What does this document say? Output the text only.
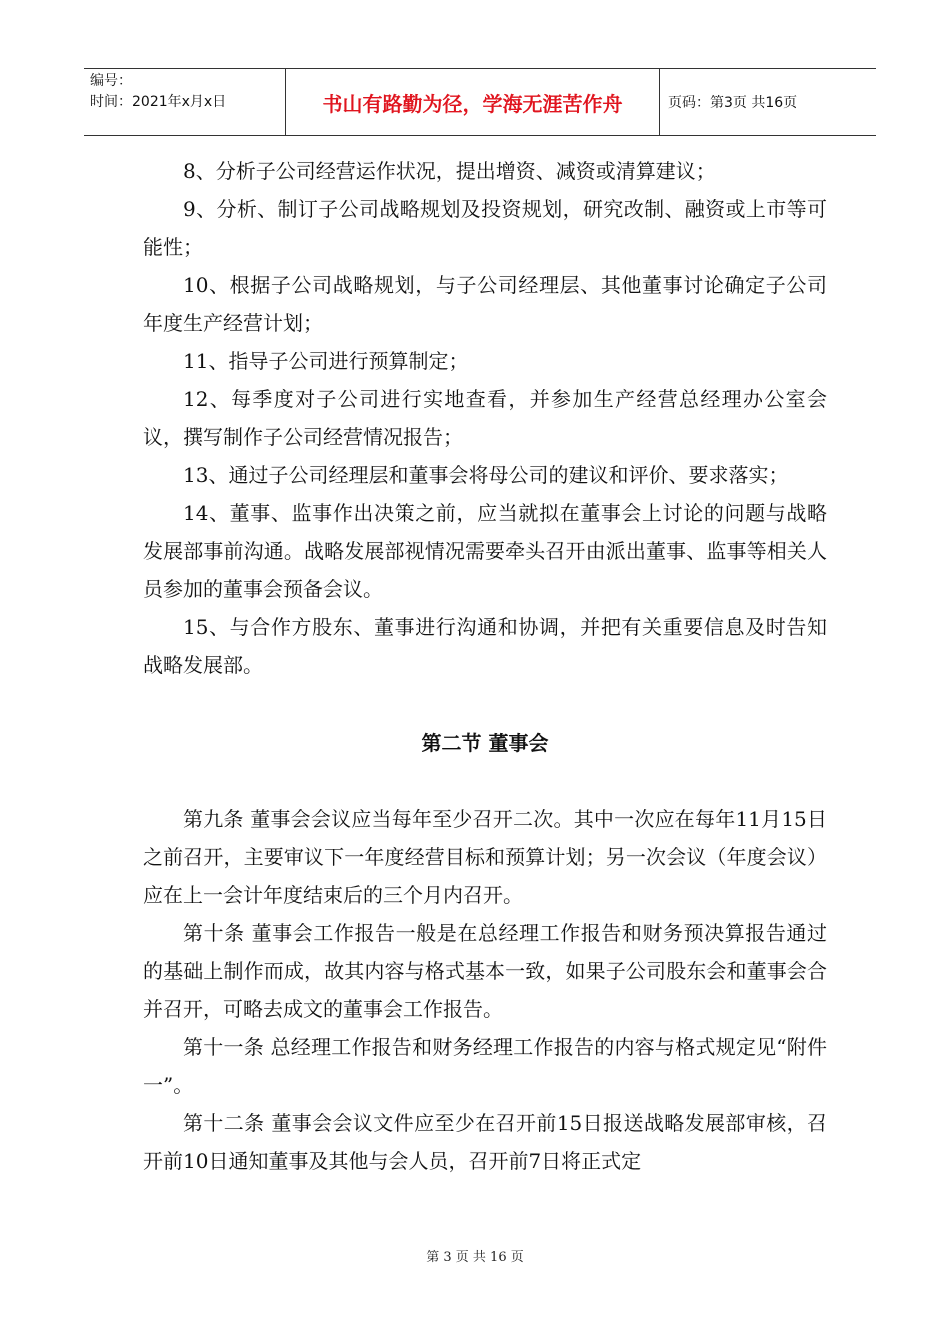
编号：
时间：2021年x月x日	书山有路勤为径，学海无涯苦作舟	页码：第3页 共16页

8、分析子公司经营运作状况，提出增资、减资或清算建议；

9、分析、制订子公司战略规划及投资规划，研究改制、融资或上市等可能性；

10、根据子公司战略规划，与子公司经理层、其他董事讨论确定子公司年度生产经营计划；

11、指导子公司进行预算制定；

12、每季度对子公司进行实地查看，并参加生产经营总经理办公室会议，撰写制作子公司经营情况报告；

13、通过子公司经理层和董事会将母公司的建议和评价、要求落实；

14、董事、监事作出决策之前，应当就拟在董事会上讨论的问题与战略发展部事前沟通。战略发展部视情况需要牵头召开由派出董事、监事等相关人员参加的董事会预备会议。

15、与合作方股东、董事进行沟通和协调，并把有关重要信息及时告知战略发展部。

第二节 董事会

第九条 董事会会议应当每年至少召开二次。其中一次应在每年11月15日之前召开，主要审议下一年度经营目标和预算计划；另一次会议（年度会议）应在上一会计年度结束后的三个月内召开。

第十条 董事会工作报告一般是在总经理工作报告和财务预决算报告通过的基础上制作而成，故其内容与格式基本一致，如果子公司股东会和董事会合并召开，可略去成文的董事会工作报告。

第十一条 总经理工作报告和财务经理工作报告的内容与格式规定见“附件一”。

第十二条 董事会会议文件应至少在召开前15日报送战略发展部审核，召开前10日通知董事及其他与会人员，召开前7日将正式定

第 3 页 共 16 页
